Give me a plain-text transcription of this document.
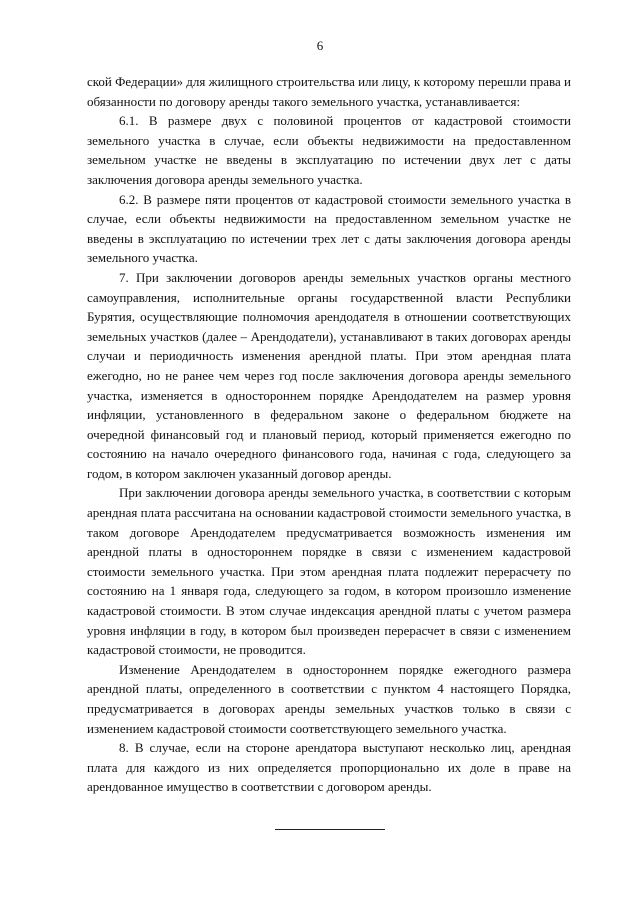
6

ской Федерации» для жилищного строительства или лицу, к которому перешли права и обязанности по договору аренды такого земельного участка, устанавливается:

6.1. В размере двух с половиной процентов от кадастровой стоимости земельного участка в случае, если объекты недвижимости на предоставленном земельном участке не введены в эксплуатацию по истечении двух лет с даты заключения договора аренды земельного участка.

6.2. В размере пяти процентов от кадастровой стоимости земельного участка в случае, если объекты недвижимости на предоставленном земельном участке не введены в эксплуатацию по истечении трех лет с даты заключения договора аренды земельного участка.

7. При заключении договоров аренды земельных участков органы местного самоуправления, исполнительные органы государственной власти Республики Бурятия, осуществляющие полномочия арендодателя в отношении соответствующих земельных участков (далее – Арендодатели), устанавливают в таких договорах аренды случаи и периодичность изменения арендной платы. При этом арендная плата ежегодно, но не ранее чем через год после заключения договора аренды земельного участка, изменяется в одностороннем порядке Арендодателем на размер уровня инфляции, установленного в федеральном законе о федеральном бюджете на очередной финансовый год и плановый период, который применяется ежегодно по состоянию на начало очередного финансового года, начиная с года, следующего за годом, в котором заключен указанный договор аренды.

При заключении договора аренды земельного участка, в соответствии с которым арендная плата рассчитана на основании кадастровой стоимости земельного участка, в таком договоре Арендодателем предусматривается возможность изменения им арендной платы в одностороннем порядке в связи с изменением кадастровой стоимости земельного участка. При этом арендная плата подлежит перерасчету по состоянию на 1 января года, следующего за годом, в котором произошло изменение кадастровой стоимости. В этом случае индексация арендной платы с учетом размера уровня инфляции в году, в котором был произведен перерасчет в связи с изменением кадастровой стоимости, не проводится.

Изменение Арендодателем в одностороннем порядке ежегодного размера арендной платы, определенного в соответствии с пунктом 4 настоящего Порядка, предусматривается в договорах аренды земельных участков только в связи с изменением кадастровой стоимости соответствующего земельного участка.

8. В случае, если на стороне арендатора выступают несколько лиц, арендная плата для каждого из них определяется пропорционально их доле в праве на арендованное имущество в соответствии с договором аренды.
